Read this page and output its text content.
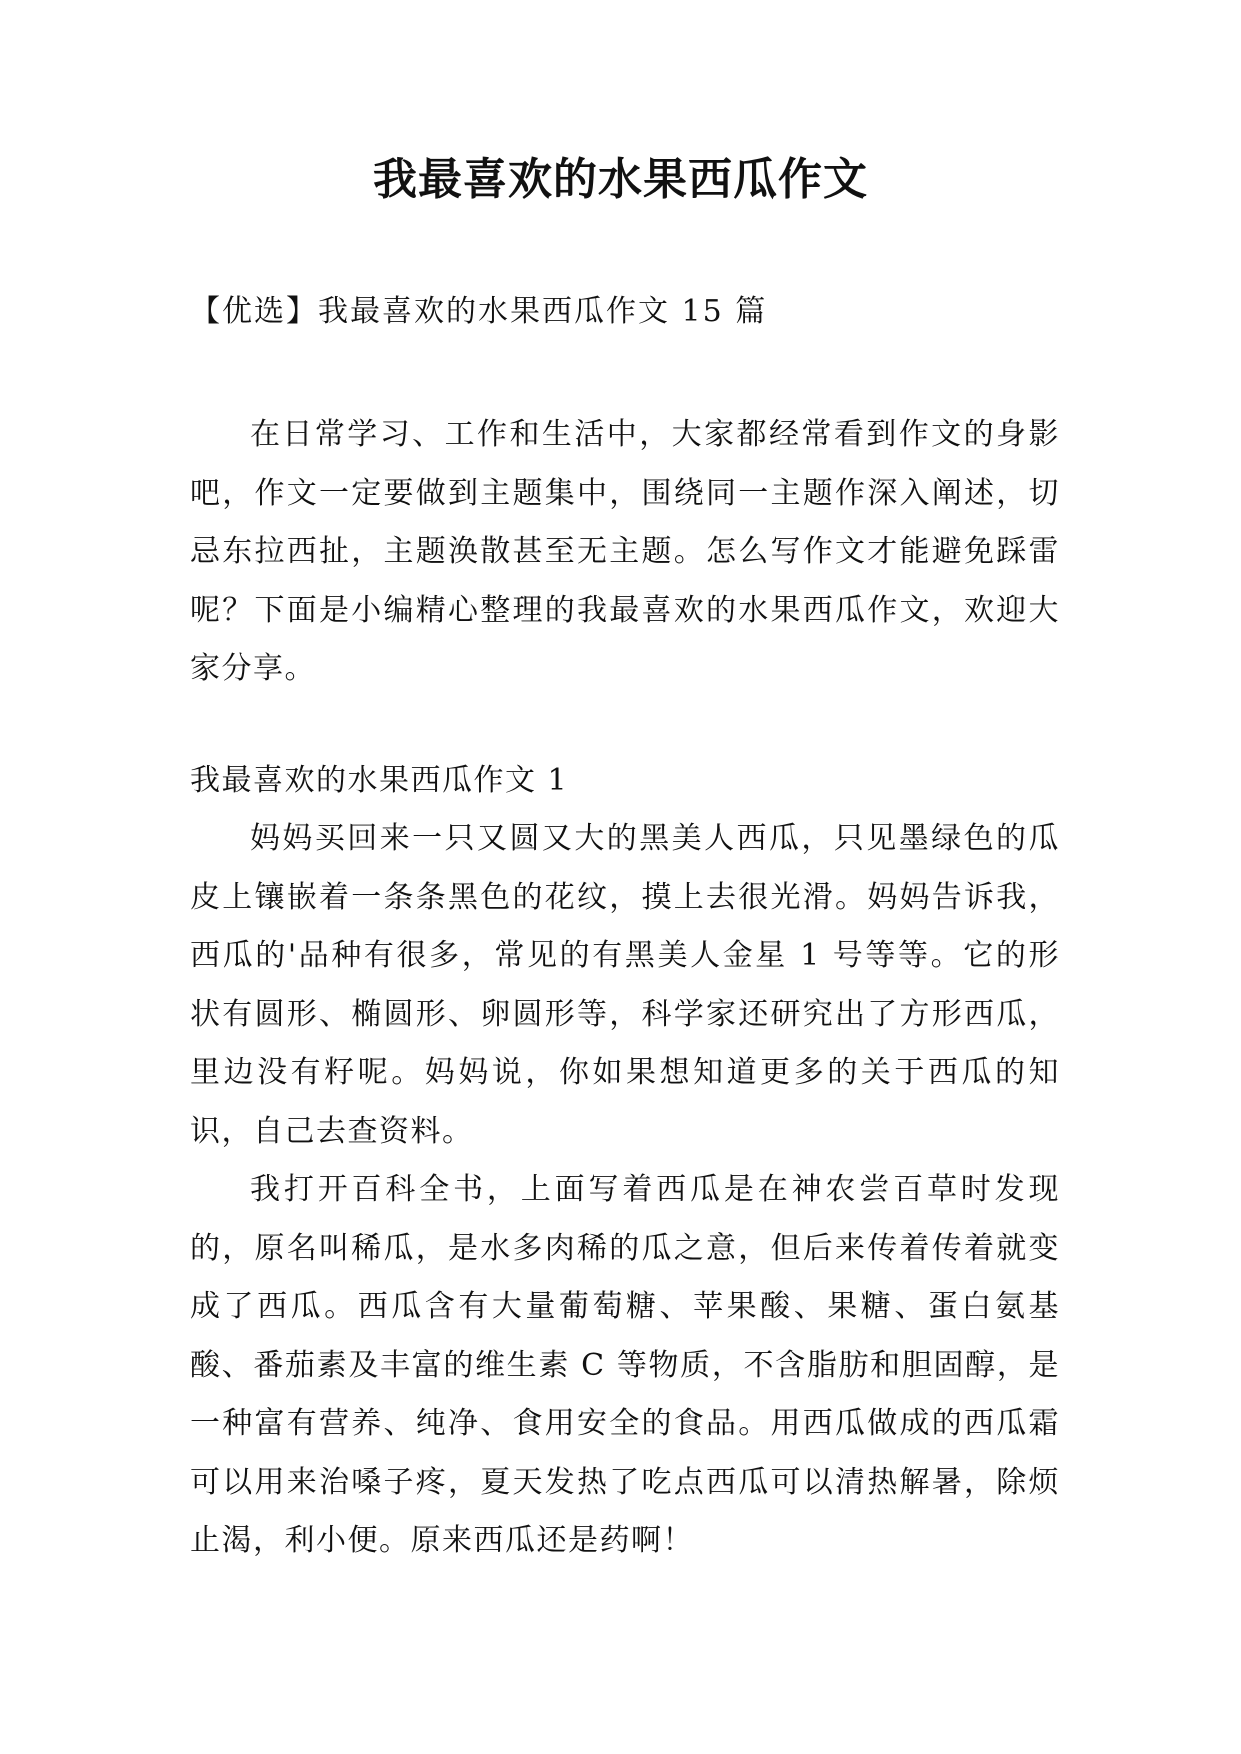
我最喜欢的水果西瓜作文
【优选】我最喜欢的水果西瓜作文 15 篇

在日常学习、工作和生活中，大家都经常看到作文的身影吧，作文一定要做到主题集中，围绕同一主题作深入阐述，切忌东拉西扯，主题涣散甚至无主题。怎么写作文才能避免踩雷呢？下面是小编精心整理的我最喜欢的水果西瓜作文，欢迎大家分享。

我最喜欢的水果西瓜作文 1

妈妈买回来一只又圆又大的黑美人西瓜，只见墨绿色的瓜皮上镶嵌着一条条黑色的花纹，摸上去很光滑。妈妈告诉我，西瓜的'品种有很多，常见的有黑美人金星 1 号等等。它的形状有圆形、椭圆形、卵圆形等，科学家还研究出了方形西瓜，里边没有籽呢。妈妈说，你如果想知道更多的关于西瓜的知识，自己去查资料。

我打开百科全书，上面写着西瓜是在神农尝百草时发现的，原名叫稀瓜，是水多肉稀的瓜之意，但后来传着传着就变成了西瓜。西瓜含有大量葡萄糖、苹果酸、果糖、蛋白氨基酸、番茄素及丰富的维生素 C 等物质，不含脂肪和胆固醇，是一种富有营养、纯净、食用安全的食品。用西瓜做成的西瓜霜可以用来治嗓子疼，夏天发热了吃点西瓜可以清热解暑，除烦止渴，利小便。原来西瓜还是药啊！
